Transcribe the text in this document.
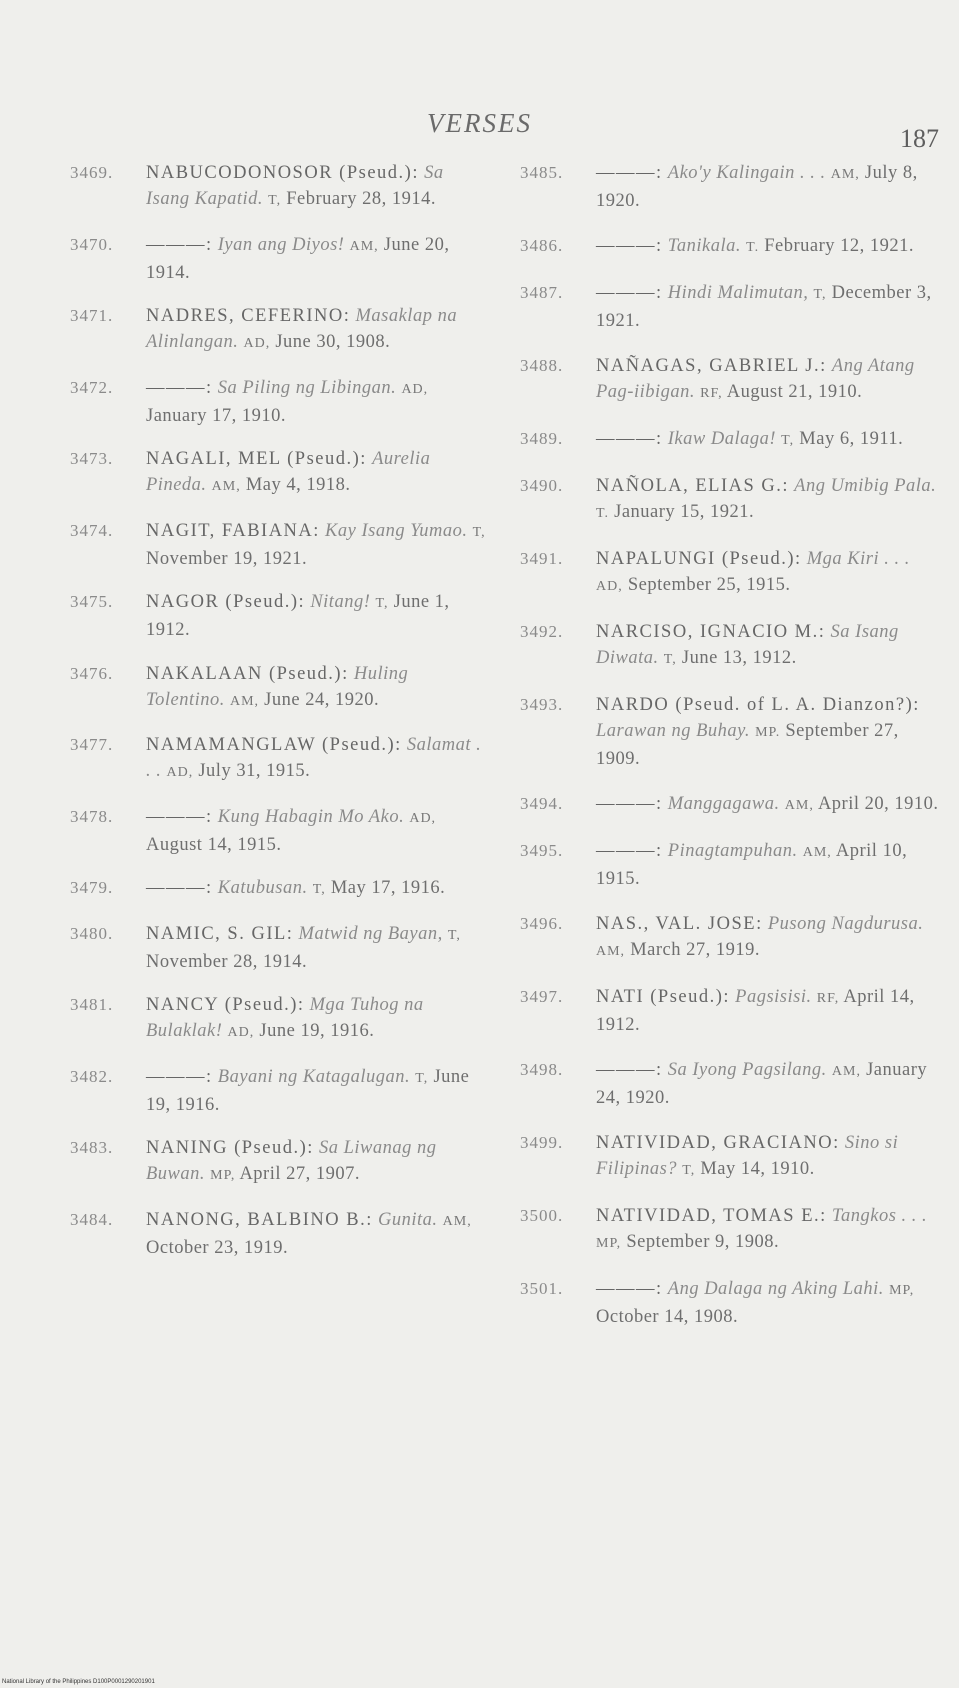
VERSES
187
3469. NABUCODONOSOR (Pseud.): Sa Isang Kapatid. T, February 28, 1914.
3470. ———: Iyan ang Diyos! AM, June 20, 1914.
3471. NADRES, CEFERINO: Masaklap na Alinlangan. AD, June 30, 1908.
3472. ———: Sa Piling ng Libingan. AD, January 17, 1910.
3473. NAGALI, MEL (Pseud.): Aurelia Pineda. AM, May 4, 1918.
3474. NAGIT, FABIANA: Kay Isang Yumao. T, November 19, 1921.
3475. NAGOR (Pseud.): Nitang! T, June 1, 1912.
3476. NAKALAAN (Pseud.): Huling Tolentino. AM, June 24, 1920.
3477. NAMAMANGLAW (Pseud.): Salamat . . . AD, July 31, 1915.
3478. ———: Kung Habagin Mo Ako. AD, August 14, 1915.
3479. ———: Katubusan. T, May 17, 1916.
3480. NAMIC, S. GIL: Matwid ng Bayan, T, November 28, 1914.
3481. NANCY (Pseud.): Mga Tuhog na Bulaklak! AD, June 19, 1916.
3482. ———: Bayani ng Katagalugan. T, June 19, 1916.
3483. NANING (Pseud.): Sa Liwanag ng Buwan. MP, April 27, 1907.
3484. NANONG, BALBINO B.: Gunita. AM, October 23, 1919.
3485. ———: Ako'y Kalingain . . . AM, July 8, 1920.
3486. ———: Tanikala. T. February 12, 1921.
3487. ———: Hindi Malimutan, T, December 3, 1921.
3488. NAÑAGAS, GABRIEL J.: Ang Atang Pag-iibigan. RF, August 21, 1910.
3489. ———: Ikaw Dalaga! T, May 6, 1911.
3490. NAÑOLA, ELIAS G.: Ang Umibig Pala. T. January 15, 1921.
3491. NAPALUNGI (Pseud.): Mga Kiri . . . AD, September 25, 1915.
3492. NARCISO, IGNACIO M.: Sa Isang Diwata. T, June 13, 1912.
3493. NARDO (Pseud. of L. A. Dianzon?): Larawan ng Buhay. MP. September 27, 1909.
3494. ———: Manggagawa. AM, April 20, 1910.
3495. ———: Pinagtampuhan. AM, April 10, 1915.
3496. NAS., VAL. JOSE: Pusong Nagdurusa. AM, March 27, 1919.
3497. NATI (Pseud.): Pagsisisi. RF, April 14, 1912.
3498. ———: Sa Iyong Pagsilang. AM, January 24, 1920.
3499. NATIVIDAD, GRACIANO: Sino si Filipinas? T, May 14, 1910.
3500. NATIVIDAD, TOMAS E.: Tangkos . . . MP, September 9, 1908.
3501. ———: Ang Dalaga ng Aking Lahi. MP, October 14, 1908.
National Library of the Philippines D100P0001290201901
